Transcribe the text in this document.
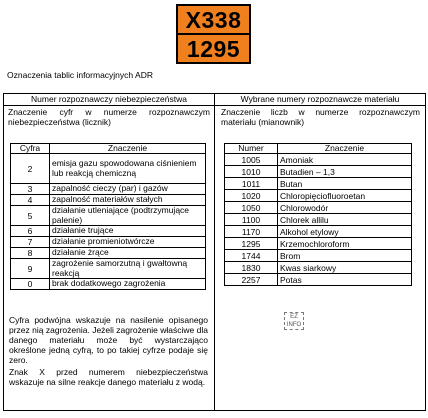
X338
1295
Oznaczenia tablic informacyjnych ADR
Numer rozpoznawczy niebezpieczeństwa	Wybrane numery rozpoznawcze materiału
Znaczenie cyfr w numerze rozpoznawczym niebezpieczeństwa (licznik)
Znaczenie liczb w numerze rozpoznawczym materiału (mianownik)
Cyfra	Znaczenie
2	emisja gazu spowodowana ciśnieniem lub reakcją chemiczną
3	zapalność cieczy (par) i gazów
4	zapalność materiałów stałych
5	działanie utleniające (podtrzymujące palenie)
6	działanie trujące
7	działanie promieniotwórcze
8	działanie żrące
9	zagrożenie samorzutną i gwałtowną reakcją
0	brak dodatkowego zagrożenia
Numer	Znaczenie
1005	Amoniak
1010	Butadien – 1,3
1011	Butan
1020	Chloropięciofluoroetan
1050	Chlorowodór
1100	Chlorek allilu
1170	Alkohol etylowy
1295	Krzemochloroform
1744	Brom
1830	Kwas siarkowy
2257	Potas

Cyfra podwójna wskazuje na nasilenie opisanego przez nią zagrożenia. Jeżeli zagrożenie właściwe dla danego materiału może być wystarczająco określone jedną cyfrą, to po takiej cyfrze podaje się zero.

Znak X przed numerem niebezpieczeństwa wskazuje na silne reakcje danego materiału z wodą.

EZ INFO
